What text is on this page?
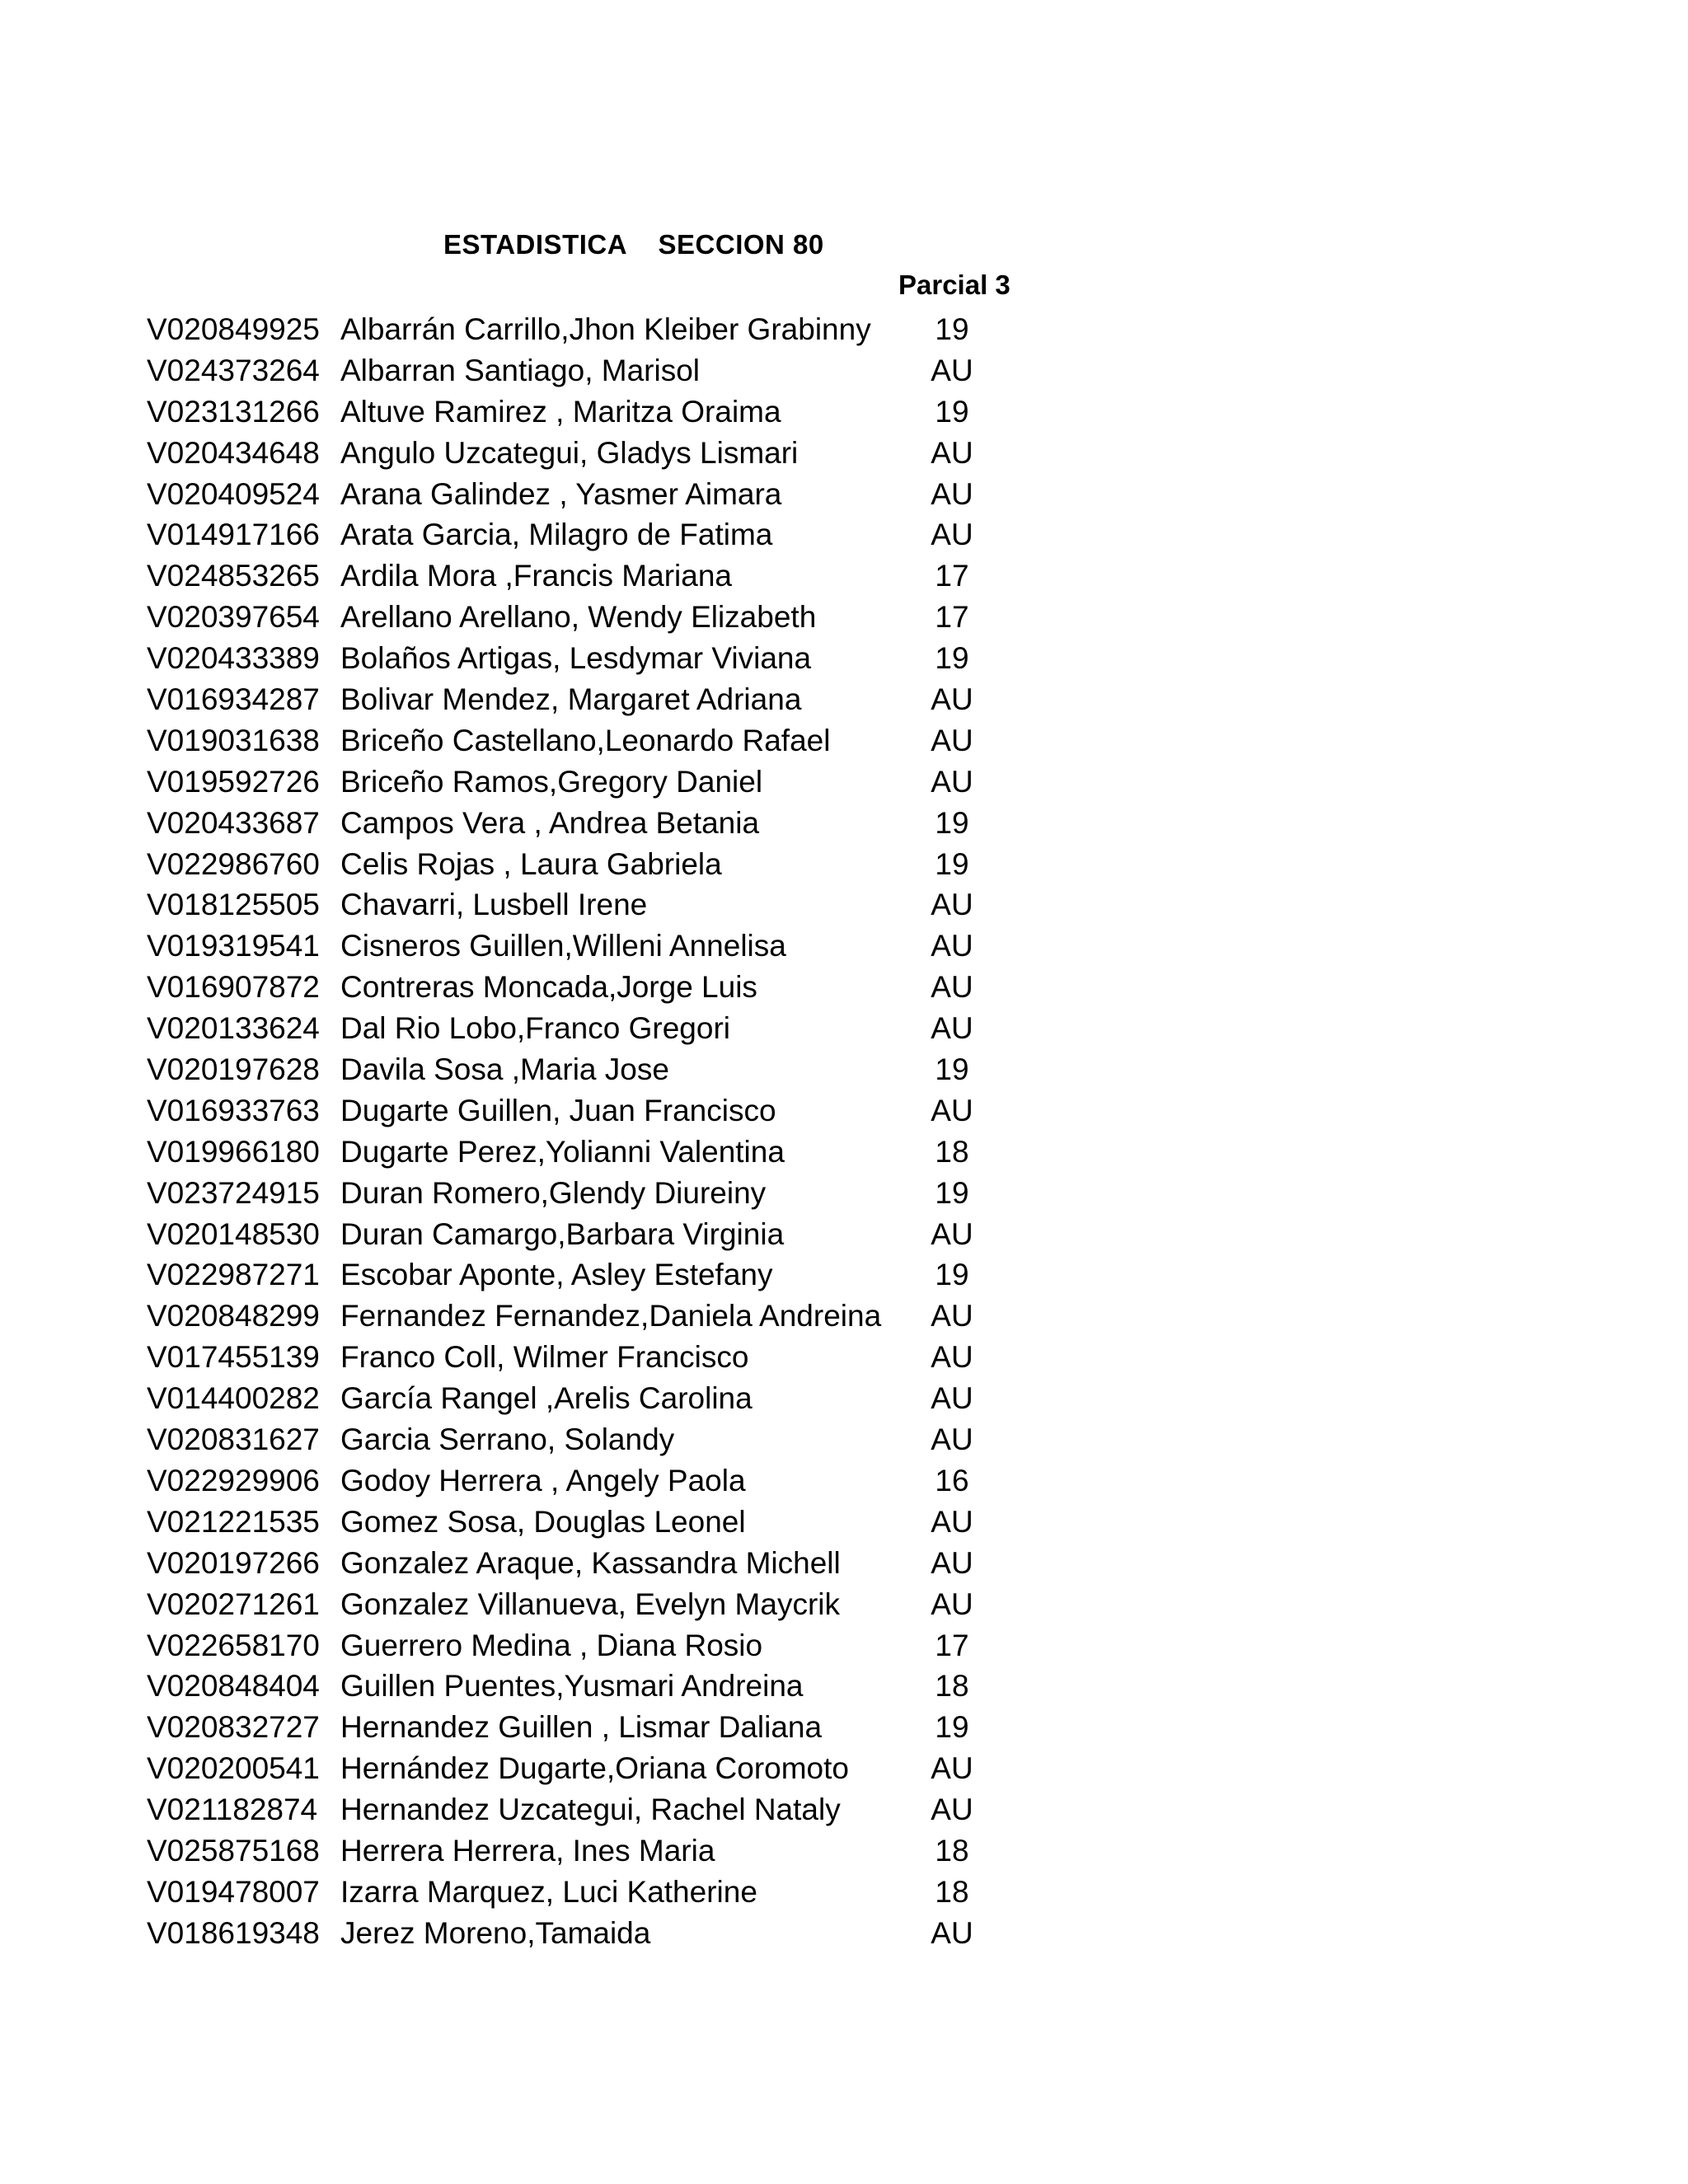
ESTADISTICA    SECCION 80
Parcial 3
V020849925 Albarrán Carrillo,Jhon Kleiber Grabinny	19
V024373264 Albarran Santiago, Marisol	AU
V023131266 Altuve Ramirez , Maritza Oraima	19
V020434648 Angulo Uzcategui, Gladys Lismari	AU
V020409524 Arana Galindez , Yasmer Aimara	AU
V014917166 Arata Garcia, Milagro de Fatima	AU
V024853265 Ardila Mora ,Francis Mariana	17
V020397654 Arellano Arellano, Wendy Elizabeth	17
V020433389 Bolaños Artigas, Lesdymar Viviana	19
V016934287 Bolivar Mendez, Margaret Adriana	AU
V019031638 Briceño Castellano,Leonardo Rafael	AU
V019592726 Briceño Ramos,Gregory Daniel	AU
V020433687 Campos Vera , Andrea Betania	19
V022986760 Celis Rojas , Laura Gabriela	19
V018125505 Chavarri, Lusbell Irene	AU
V019319541 Cisneros Guillen,Willeni Annelisa	AU
V016907872 Contreras Moncada,Jorge Luis	AU
V020133624 Dal Rio Lobo,Franco Gregori	AU
V020197628 Davila Sosa ,Maria Jose	19
V016933763 Dugarte Guillen, Juan Francisco	AU
V019966180 Dugarte Perez,Yolianni Valentina	18
V023724915 Duran Romero,Glendy Diureiny	19
V020148530 Duran Camargo,Barbara Virginia	AU
V022987271 Escobar Aponte, Asley Estefany	19
V020848299 Fernandez Fernandez,Daniela Andreina	AU
V017455139 Franco Coll, Wilmer Francisco	AU
V014400282 García Rangel ,Arelis Carolina	AU
V020831627 Garcia Serrano, Solandy	AU
V022929906 Godoy Herrera , Angely Paola	16
V021221535 Gomez Sosa, Douglas Leonel	AU
V020197266 Gonzalez Araque, Kassandra Michell	AU
V020271261 Gonzalez Villanueva, Evelyn Maycrik	AU
V022658170 Guerrero Medina , Diana Rosio	17
V020848404 Guillen Puentes,Yusmari Andreina	18
V020832727 Hernandez Guillen , Lismar Daliana	19
V020200541 Hernández Dugarte,Oriana Coromoto	AU
V021182874 Hernandez Uzcategui, Rachel Nataly	AU
V025875168 Herrera Herrera, Ines Maria	18
V019478007 Izarra Marquez, Luci Katherine	18
V018619348 Jerez Moreno,Tamaida	AU
